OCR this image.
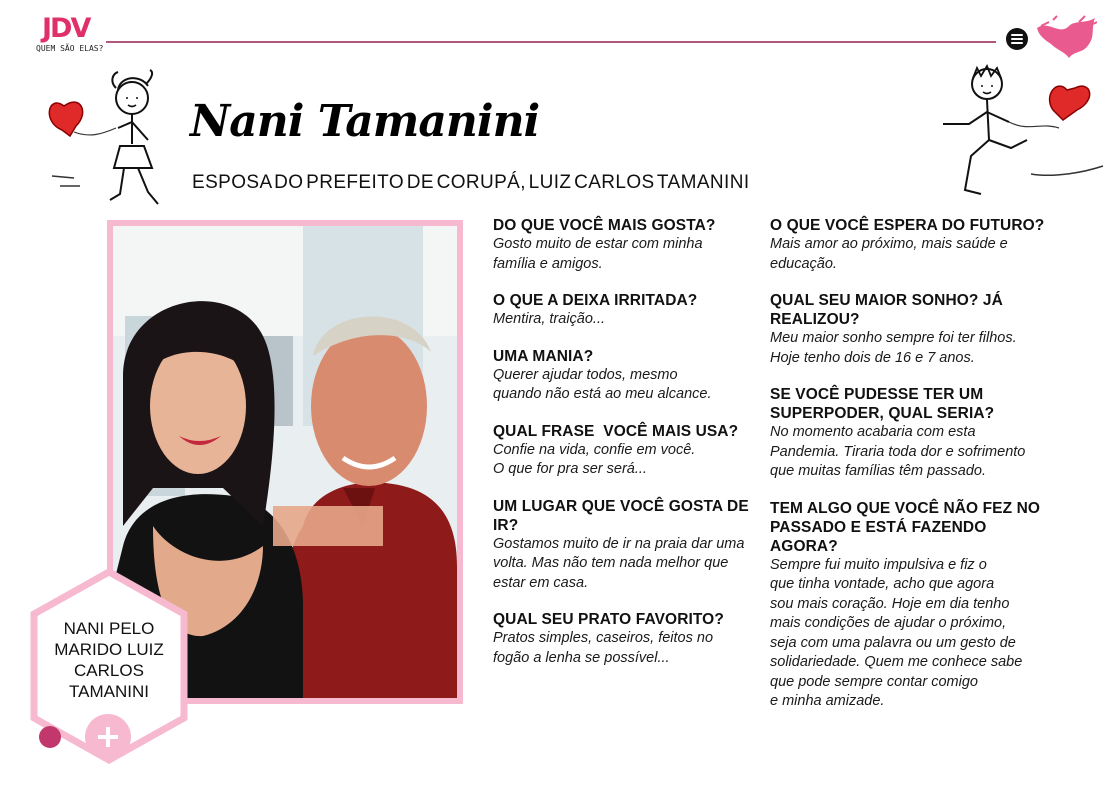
JDV
QUEM SÃO ELAS?
Nani Tamanini

ESPOSA DO PREFEITO DE CORUPÁ, LUIZ CARLOS TAMANINI

NANI PELO MARIDO LUIZ CARLOS TAMANINI
DO QUE VOCÊ MAIS GOSTA?
Gosto muito de estar com minha
família e amigos.
O QUE A DEIXA IRRITADA?
Mentira, traição...
UMA MANIA?
Querer ajudar todos, mesmo
quando não está ao meu alcance.
QUAL FRASE  VOCÊ MAIS USA?
Confie na vida, confie em você.
O que for pra ser será...
UM LUGAR QUE VOCÊ GOSTA DE IR?
Gostamos muito de ir na praia dar uma
volta. Mas não tem nada melhor que
estar em casa.
QUAL SEU PRATO FAVORITO?
Pratos simples, caseiros, feitos no
fogão a lenha se possível...
O QUE VOCÊ ESPERA DO FUTURO?
Mais amor ao próximo, mais saúde e
educação.
QUAL SEU MAIOR SONHO? JÁ REALIZOU?
Meu maior sonho sempre foi ter filhos.
Hoje tenho dois de 16 e 7 anos.
SE VOCÊ PUDESSE TER UM SUPERPODER, QUAL SERIA?
No momento acabaria com esta
Pandemia. Tiraria toda dor e sofrimento
que muitas famílias têm passado.
TEM ALGO QUE VOCÊ NÃO FEZ NO PASSADO E ESTÁ FAZENDO AGORA?
Sempre fui muito impulsiva e fiz o
que tinha vontade, acho que agora
sou mais coração. Hoje em dia tenho
mais condições de ajudar o próximo,
seja com uma palavra ou um gesto de
solidariedade. Quem me conhece sabe
que pode sempre contar comigo
e minha amizade.
